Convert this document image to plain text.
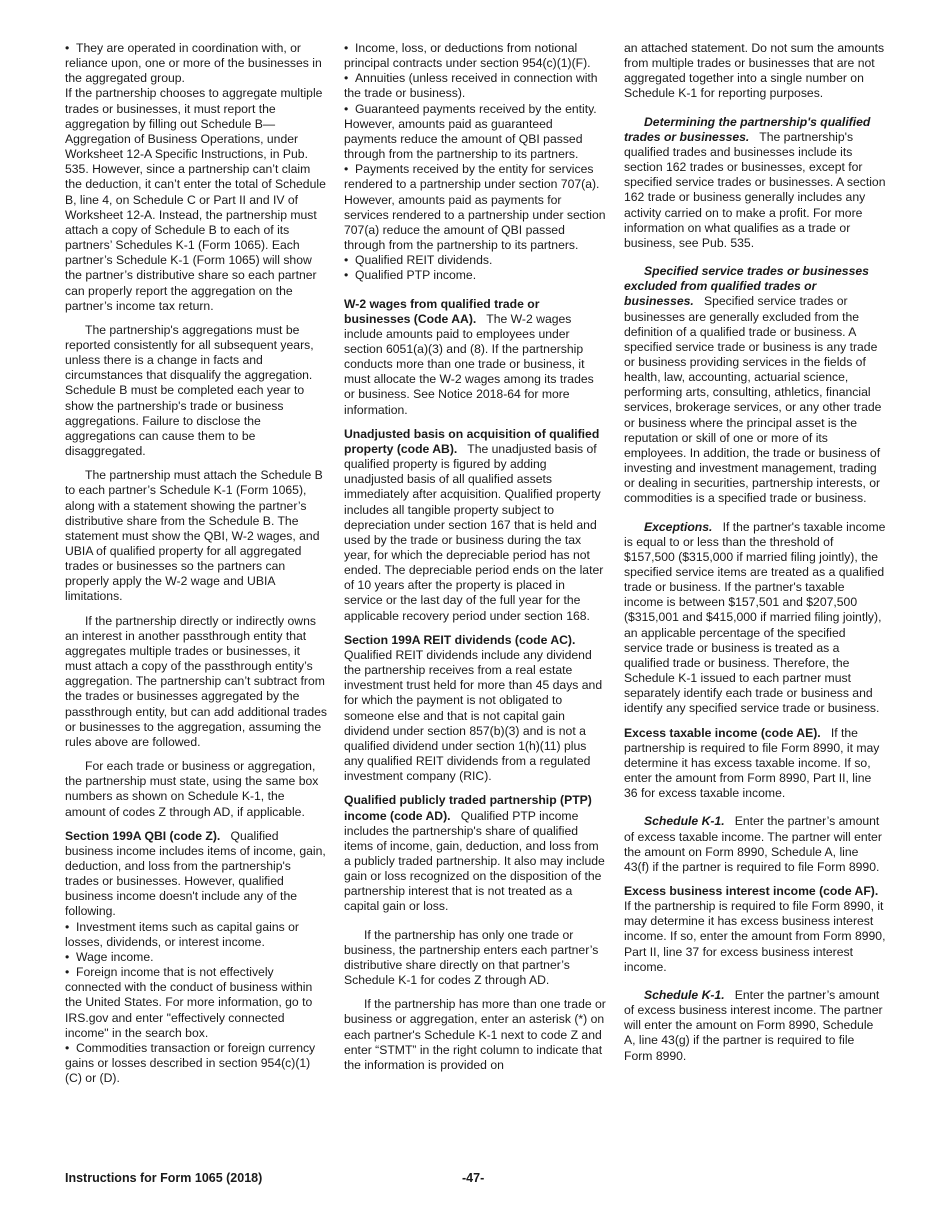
•  They are operated in coordination with, or reliance upon, one or more of the businesses in the aggregated group.

If the partnership chooses to aggregate multiple trades or businesses, it must report the aggregation by filling out Schedule B—Aggregation of Business Operations, under Worksheet 12-A Specific Instructions, in Pub. 535. However, since a partnership can’t claim the deduction, it can’t enter the total of Schedule B, line 4, on Schedule C or Part II and IV of Worksheet 12-A. Instead, the partnership must attach a copy of Schedule B to each of its partners’ Schedules K-1 (Form 1065). Each partner’s Schedule K-1 (Form 1065) will show the partner’s distributive share so each partner can properly report the aggregation on the partner’s income tax return.

The partnership's aggregations must be reported consistently for all subsequent years, unless there is a change in facts and circumstances that disqualify the aggregation. Schedule B must be completed each year to show the partnership's trade or business aggregations. Failure to disclose the aggregations can cause them to be disaggregated.

The partnership must attach the Schedule B to each partner’s Schedule K-1 (Form 1065), along with a statement showing the partner’s distributive share from the Schedule B. The statement must show the QBI, W-2 wages, and UBIA of qualified property for all aggregated trades or businesses so the partners can properly apply the W-2 wage and UBIA limitations.

If the partnership directly or indirectly owns an interest in another passthrough entity that aggregates multiple trades or businesses, it must attach a copy of the passthrough entity’s aggregation. The partnership can’t subtract from the trades or businesses aggregated by the passthrough entity, but can add additional trades or businesses to the aggregation, assuming the rules above are followed.

For each trade or business or aggregation, the partnership must state, using the same box numbers as shown on Schedule K-1, the amount of codes Z through AD, if applicable.

Section 199A QBI (code Z). Qualified business income includes items of income, gain, deduction, and loss from the partnership's trades or businesses. However, qualified business income doesn't include any of the following.

•  Investment items such as capital gains or losses, dividends, or interest income.

•  Wage income.

•  Foreign income that is not effectively connected with the conduct of business within the United States. For more information, go to IRS.gov and enter "effectively connected income" in the search box.

•  Commodities transaction or foreign currency gains or losses described in section 954(c)(1)(C) or (D).

•  Income, loss, or deductions from notional principal contracts under section 954(c)(1)(F).

•  Annuities (unless received in connection with the trade or business).

•  Guaranteed payments received by the entity. However, amounts paid as guaranteed payments reduce the amount of QBI passed through from the partnership to its partners.

•  Payments received by the entity for services rendered to a partnership under section 707(a). However, amounts paid as payments for services rendered to a partnership under section 707(a) reduce the amount of QBI passed through from the partnership to its partners.

•  Qualified REIT dividends.

•  Qualified PTP income.

W-2 wages from qualified trade or businesses (Code AA). The W-2 wages include amounts paid to employees under section 6051(a)(3) and (8). If the partnership conducts more than one trade or business, it must allocate the W-2 wages among its trades or business. See Notice 2018-64 for more information.

Unadjusted basis on acquisition of qualified property (code AB). The unadjusted basis of qualified property is figured by adding unadjusted basis of all qualified assets immediately after acquisition. Qualified property includes all tangible property subject to depreciation under section 167 that is held and used by the trade or business during the tax year, for which the depreciable period has not ended. The depreciable period ends on the later of 10 years after the property is placed in service or the last day of the full year for the applicable recovery period under section 168.

Section 199A REIT dividends (code AC). Qualified REIT dividends include any dividend the partnership receives from a real estate investment trust held for more than 45 days and for which the payment is not obligated to someone else and that is not capital gain dividend under section 857(b)(3) and is not a qualified dividend under section 1(h)(11) plus any qualified REIT dividends from a regulated investment company (RIC).

Qualified publicly traded partnership (PTP) income (code AD). Qualified PTP income includes the partnership's share of qualified items of income, gain, deduction, and loss from a publicly traded partnership. It also may include gain or loss recognized on the disposition of the partnership interest that is not treated as a capital gain or loss.

If the partnership has only one trade or business, the partnership enters each partner’s distributive share directly on that partner’s Schedule K-1 for codes Z through AD.

If the partnership has more than one trade or business or aggregation, enter an asterisk (*) on each partner's Schedule K-1 next to code Z and enter “STMT” in the right column to indicate that the information is provided on

an attached statement. Do not sum the amounts from multiple trades or businesses that are not aggregated together into a single number on Schedule K-1 for reporting purposes.

Determining the partnership's qualified trades or businesses. The partnership's qualified trades and businesses include its section 162 trades or businesses, except for specified service trades or businesses. A section 162 trade or business generally includes any activity carried on to make a profit. For more information on what qualifies as a trade or business, see Pub. 535.

Specified service trades or businesses excluded from qualified trades or businesses. Specified service trades or businesses are generally excluded from the definition of a qualified trade or business. A specified service trade or business is any trade or business providing services in the fields of health, law, accounting, actuarial science, performing arts, consulting, athletics, financial services, brokerage services, or any other trade or business where the principal asset is the reputation or skill of one or more of its employees. In addition, the trade or business of investing and investment management, trading or dealing in securities, partnership interests, or commodities is a specified trade or business.

Exceptions. If the partner's taxable income is equal to or less than the threshold of $157,500 ($315,000 if married filing jointly), the specified service items are treated as a qualified trade or business. If the partner's taxable income is between $157,501 and $207,500 ($315,001 and $415,000 if married filing jointly), an applicable percentage of the specified service trade or business is treated as a qualified trade or business. Therefore, the Schedule K-1 issued to each partner must separately identify each trade or business and identify any specified service trade or business.

Excess taxable income (code AE). If the partnership is required to file Form 8990, it may determine it has excess taxable income. If so, enter the amount from Form 8990, Part II, line 36 for excess taxable income.

Schedule K-1. Enter the partner’s amount of excess taxable income. The partner will enter the amount on Form 8990, Schedule A, line 43(f) if the partner is required to file Form 8990.

Excess business interest income (code AF).   If the partnership is required to file Form 8990, it may determine it has excess business interest income. If so, enter the amount from Form 8990, Part II, line 37 for excess business interest income.

Schedule K-1. Enter the partner’s amount of excess business interest income. The partner will enter the amount on Form 8990, Schedule A, line 43(g) if the partner is required to file Form 8990.

Instructions for Form 1065 (2018)	-47-
